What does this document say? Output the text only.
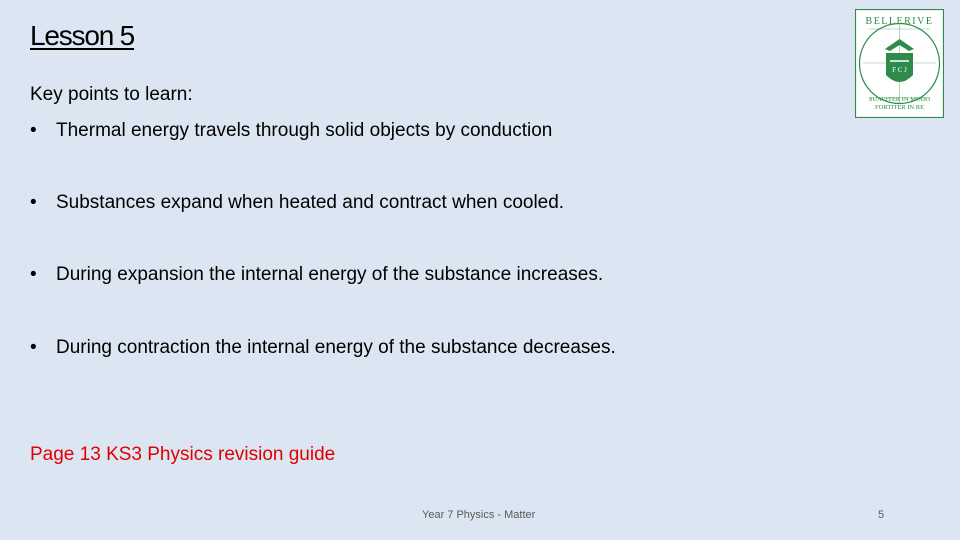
Lesson 5
Key points to learn:
•	Thermal energy travels through solid objects by conduction
•	Substances expand when heated and contract when cooled.
•	During expansion the internal energy of the substance increases.
•	During contraction the internal energy of the substance decreases.
Page 13 KS3 Physics revision guide
Year 7 Physics - Matter	5
BELLERIVE
F C J
SUAVITER IN MODO
FORTITER IN RE
